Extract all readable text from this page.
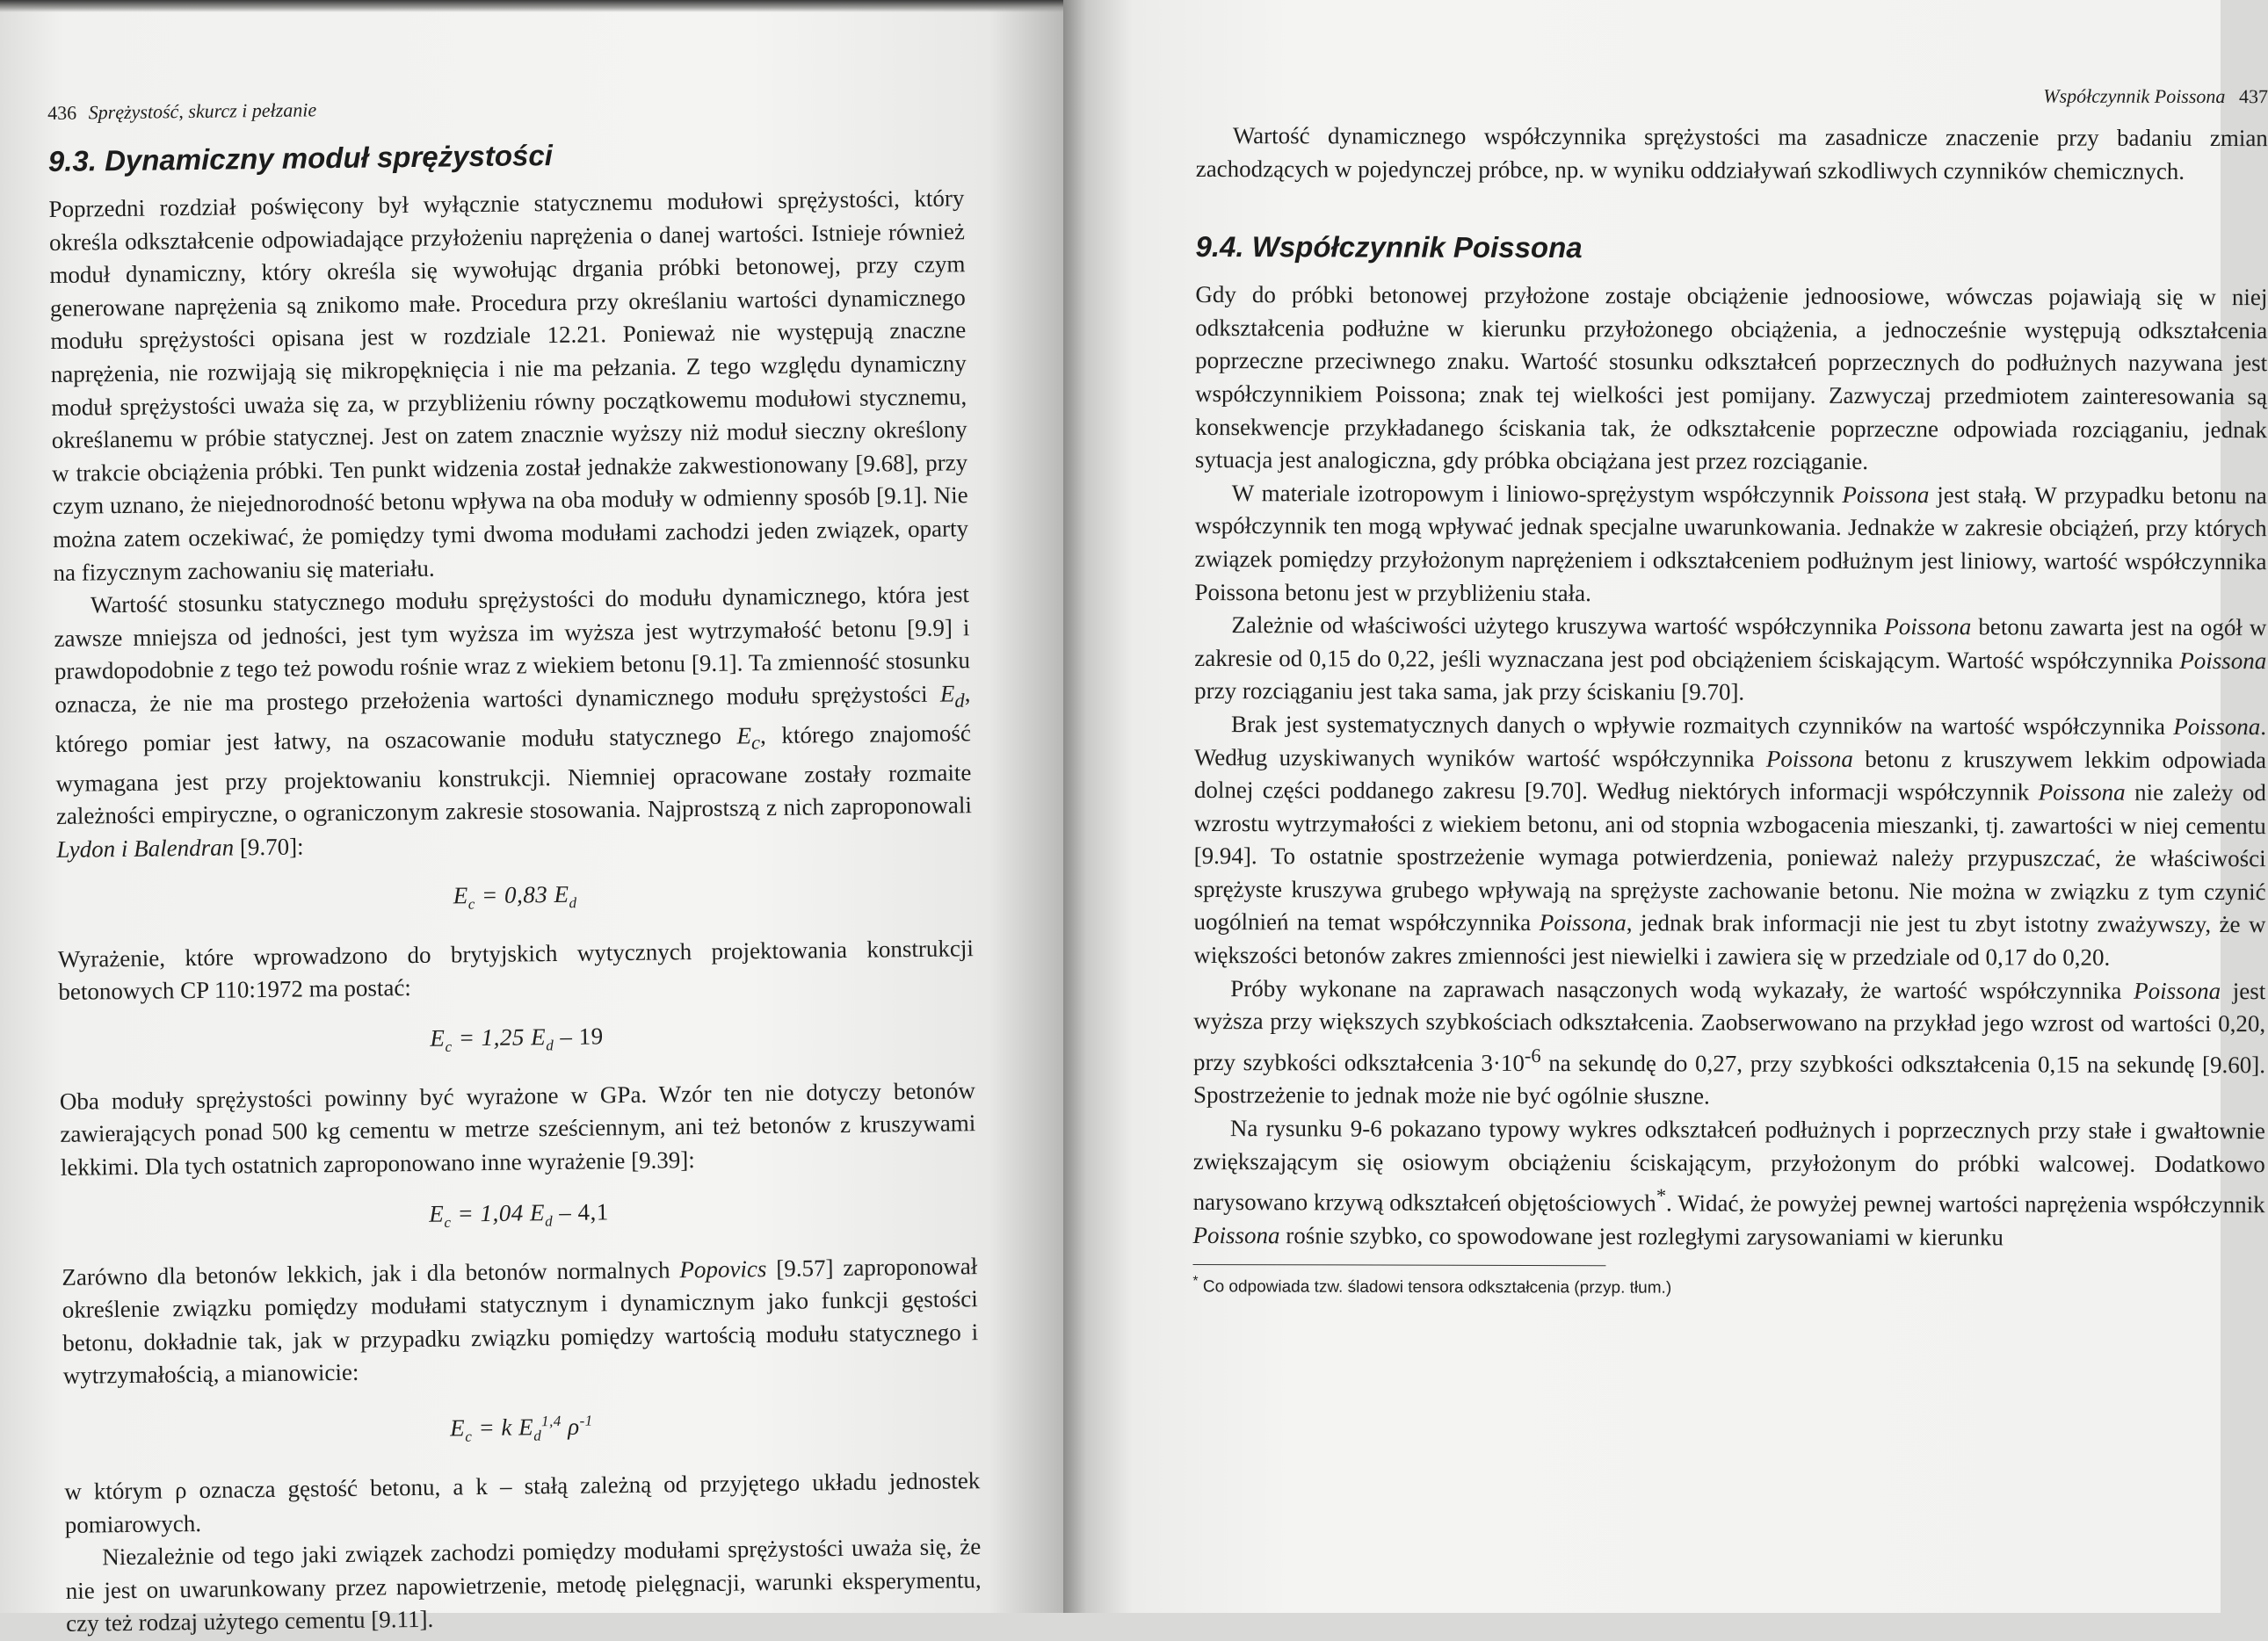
436 Sprężystość, skurcz i pełzanie
9.3. Dynamiczny moduł sprężystości

Poprzedni rozdział poświęcony był wyłącznie statycznemu modułowi sprężystości, który określa odkształcenie odpowiadające przyłożeniu naprężenia o danej wartości. Istnieje również moduł dynamiczny, który określa się wywołując drgania próbki betonowej, przy czym generowane naprężenia są znikomo małe. Procedura przy określaniu wartości dynamicznego modułu sprężystości opisana jest w rozdziale 12.21. Ponieważ nie występują znaczne naprężenia, nie rozwijają się mikropęknięcia i nie ma pełzania. Z tego względu dynamiczny moduł sprężystości uważa się za, w przybliżeniu równy początkowemu modułowi stycznemu, określanemu w próbie statycznej. Jest on zatem znacznie wyższy niż moduł sieczny określony w trakcie obciążenia próbki. Ten punkt widzenia został jednakże zakwestionowany [9.68], przy czym uznano, że niejednorodność betonu wpływa na oba moduły w odmienny sposób [9.1]. Nie można zatem oczekiwać, że pomiędzy tymi dwoma modułami zachodzi jeden związek, oparty na fizycznym zachowaniu się materiału.

Wartość stosunku statycznego modułu sprężystości do modułu dynamicznego, która jest zawsze mniejsza od jedności, jest tym wyższa im wyższa jest wytrzymałość betonu [9.9] i prawdopodobnie z tego też powodu rośnie wraz z wiekiem betonu [9.1]. Ta zmienność stosunku oznacza, że nie ma prostego przełożenia wartości dynamicznego modułu sprężystości $E_d$, którego pomiar jest łatwy, na oszacowanie modułu statycznego $E_c$, którego znajomość wymagana jest przy projektowaniu konstrukcji. Niemniej opracowane zostały rozmaite zależności empiryczne, o ograniczonym zakresie stosowania. Najprostszą z nich zaproponowali Lydon i Balendran [9.70]:

$E_c = 0,83$ $E_d$

Wyrażenie, które wprowadzono do brytyjskich wytycznych projektowania konstrukcji betonowych CP 110:1972 ma postać:

$E_c = 1,25$ $E_d - 19$

Oba moduły sprężystości powinny być wyrażone w GPa. Wzór ten nie dotyczy betonów zawierających ponad 500 kg cementu w metrze sześciennym, ani też betonów z kruszywami lekkimi. Dla tych ostatnich zaproponowano inne wyrażenie [9.39]:

$E_c = 1,04$ $E_d - 4,1$

Zarówno dla betonów lekkich, jak i dla betonów normalnych Popovics [9.57] zaproponował określenie związku pomiędzy modułami statycznym i dynamicznym jako funkcji gęstości betonu, dokładnie tak, jak w przypadku związku pomiędzy wartością modułu statycznego i wytrzymałością, a mianowicie:

$E_c = k$ $E_d^{1,4}$ $\rho^{-1}$

w którym ρ oznacza gęstość betonu, a k – stałą zależną od przyjętego układu jednostek pomiarowych.

Niezależnie od tego jaki związek zachodzi pomiędzy modułami sprężystości uważa się, że nie jest on uwarunkowany przez napowietrzenie, metodę pielęgnacji, warunki eksperymentu, czy też rodzaj użytego cementu [9.11].

Współczynnik Poissona 437

Wartość dynamicznego współczynnika sprężystości ma zasadnicze znaczenie przy badaniu zmian zachodzących w pojedynczej próbce, np. w wyniku oddziaływań szkodliwych czynników chemicznych.

9.4. Współczynnik Poissona

Gdy do próbki betonowej przyłożone zostaje obciążenie jednoosiowe, wówczas pojawiają się w niej odkształcenia podłużne w kierunku przyłożonego obciążenia, a jednocześnie występują odkształcenia poprzeczne przeciwnego znaku. Wartość stosunku odkształceń poprzecznych do podłużnych nazywana jest współczynnikiem Poissona; znak tej wielkości jest pomijany. Zazwyczaj przedmiotem zainteresowania są konsekwencje przykładanego ściskania tak, że odkształcenie poprzeczne odpowiada rozciąganiu, jednak sytuacja jest analogiczna, gdy próbka obciążana jest przez rozciąganie.

W materiale izotropowym i liniowo-sprężystym współczynnik Poissona jest stałą. W przypadku betonu na współczynnik ten mogą wpływać jednak specjalne uwarunkowania. Jednakże w zakresie obciążeń, przy których związek pomiędzy przyłożonym naprężeniem i odkształceniem podłużnym jest liniowy, wartość współczynnika Poissona betonu jest w przybliżeniu stała.

Zależnie od właściwości użytego kruszywa wartość współczynnika Poissona betonu zawarta jest na ogół w zakresie od 0,15 do 0,22, jeśli wyznaczana jest pod obciążeniem ściskającym. Wartość współczynnika Poissona przy rozciąganiu jest taka sama, jak przy ściskaniu [9.70].

Brak jest systematycznych danych o wpływie rozmaitych czynników na wartość współczynnika Poissona. Według uzyskiwanych wyników wartość współczynnika Poissona betonu z kruszywem lekkim odpowiada dolnej części poddanego zakresu [9.70]. Według niektórych informacji współczynnik Poissona nie zależy od wzrostu wytrzymałości z wiekiem betonu, ani od stopnia wzbogacenia mieszanki, tj. zawartości w niej cementu [9.94]. To ostatnie spostrzeżenie wymaga potwierdzenia, ponieważ należy przypuszczać, że właściwości sprężyste kruszywa grubego wpływają na sprężyste zachowanie betonu. Nie można w związku z tym czynić uogólnień na temat współczynnika Poissona, jednak brak informacji nie jest tu zbyt istotny zważywszy, że w większości betonów zakres zmienności jest niewielki i zawiera się w przedziale od 0,17 do 0,20.

Próby wykonane na zaprawach nasączonych wodą wykazały, że wartość współczynnika Poissona jest wyższa przy większych szybkościach odkształcenia. Zaobserwowano na przykład jego wzrost od wartości 0,20, przy szybkości odkształcenia $3\cdot 10^{-6}$ na sekundę do 0,27, przy szybkości odkształcenia 0,15 na sekundę [9.60]. Spostrzeżenie to jednak może nie być ogólnie słuszne.

Na rysunku 9-6 pokazano typowy wykres odkształceń podłużnych i poprzecznych przy stałe i gwałtownie zwiększającym się osiowym obciążeniu ściskającym, przyłożonym do próbki walcowej. Dodatkowo narysowano krzywą odkształceń objętościowych*. Widać, że powyżej pewnej wartości naprężenia współczynnik Poissona rośnie szybko, co spowodowane jest rozległymi zarysowaniami w kierunku

* Co odpowiada tzw. śladowi tensora odkształcenia (przyp. tłum.)
